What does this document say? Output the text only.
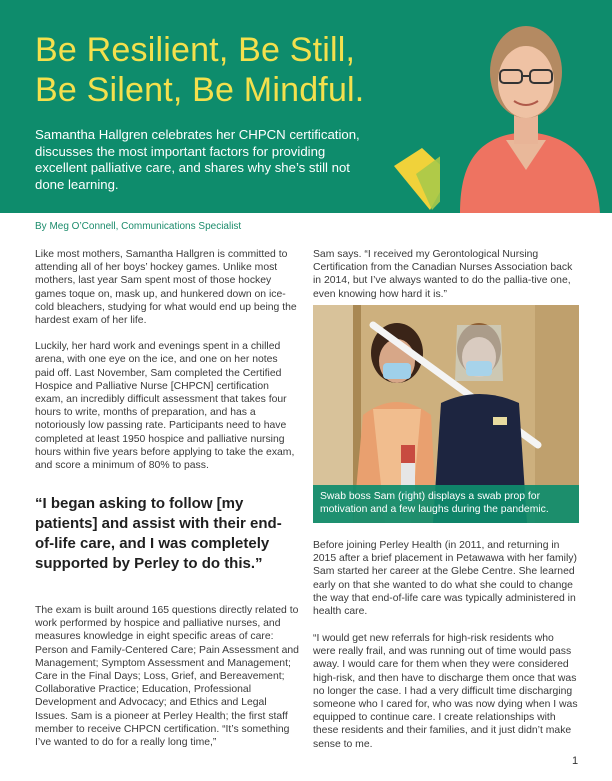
Be Resilient, Be Still,
Be Silent, Be Mindful.

Samantha Hallgren celebrates her CHPCN certification, discusses the most important factors for providing excellent palliative care, and shares why she’s still not done learning.

By Meg O’Connell, Communications Specialist

Like most mothers, Samantha Hallgren is committed to attending all of her boys’ hockey games. Unlike most mothers, last year Sam spent most of those hockey games toque on, mask up, and hunkered down on ice-cold bleachers, studying for what would end up being the hardest exam of her life.

Luckily, her hard work and evenings spent in a chilled arena, with one eye on the ice, and one on her notes paid off. Last November, Sam completed the Certified Hospice and Palliative Nurse [CHPCN] certification exam, an incredibly difficult assessment that takes four hours to write, months of preparation, and has a notoriously low passing rate. Participants need to have completed at least 1950 hospice and palliative nursing hours within five years before applying to take the exam, and score a minimum of 80% to pass.

“I began asking to follow [my patients] and assist with their end-of-life care, and I was completely supported by Perley to do this.”

The exam is built around 165 questions directly related to work performed by hospice and palliative nurses, and measures knowledge in eight specific areas of care: Person and Family-Centered Care; Pain Assessment and Management; Symptom Assessment and Management; Care in the Final Days; Loss, Grief, and Bereavement; Collaborative Practice; Education, Professional Development and Advocacy; and Ethics and Legal Issues. Sam is a pioneer at Perley Health; the first staff member to receive CHPCN certification. “It’s something I’ve wanted to do for a really long time,”

Sam says. “I received my Gerontological Nursing Certification from the Canadian Nurses Association back in 2014, but I’ve always wanted to do the pallia-tive one, even knowing how hard it is.”

Swab boss Sam (right) displays a swab prop for motivation and a few laughs during the pandemic.

Before joining Perley Health (in 2011, and returning in 2015 after a brief placement in Petawawa with her family) Sam started her career at the Glebe Centre. She learned early on that she wanted to do what she could to change the way that end-of-life care was typically administered in health care.

“I would get new referrals for high-risk residents who were really frail, and was running out of time would pass away. I would care for them when they were considered high-risk, and then have to discharge them once that was no longer the case. I had a very difficult time discharging someone who I cared for, who was now dying when I was equipped to continue care. I create relationships with these residents and their families, and it just didn’t make sense to me.

1
